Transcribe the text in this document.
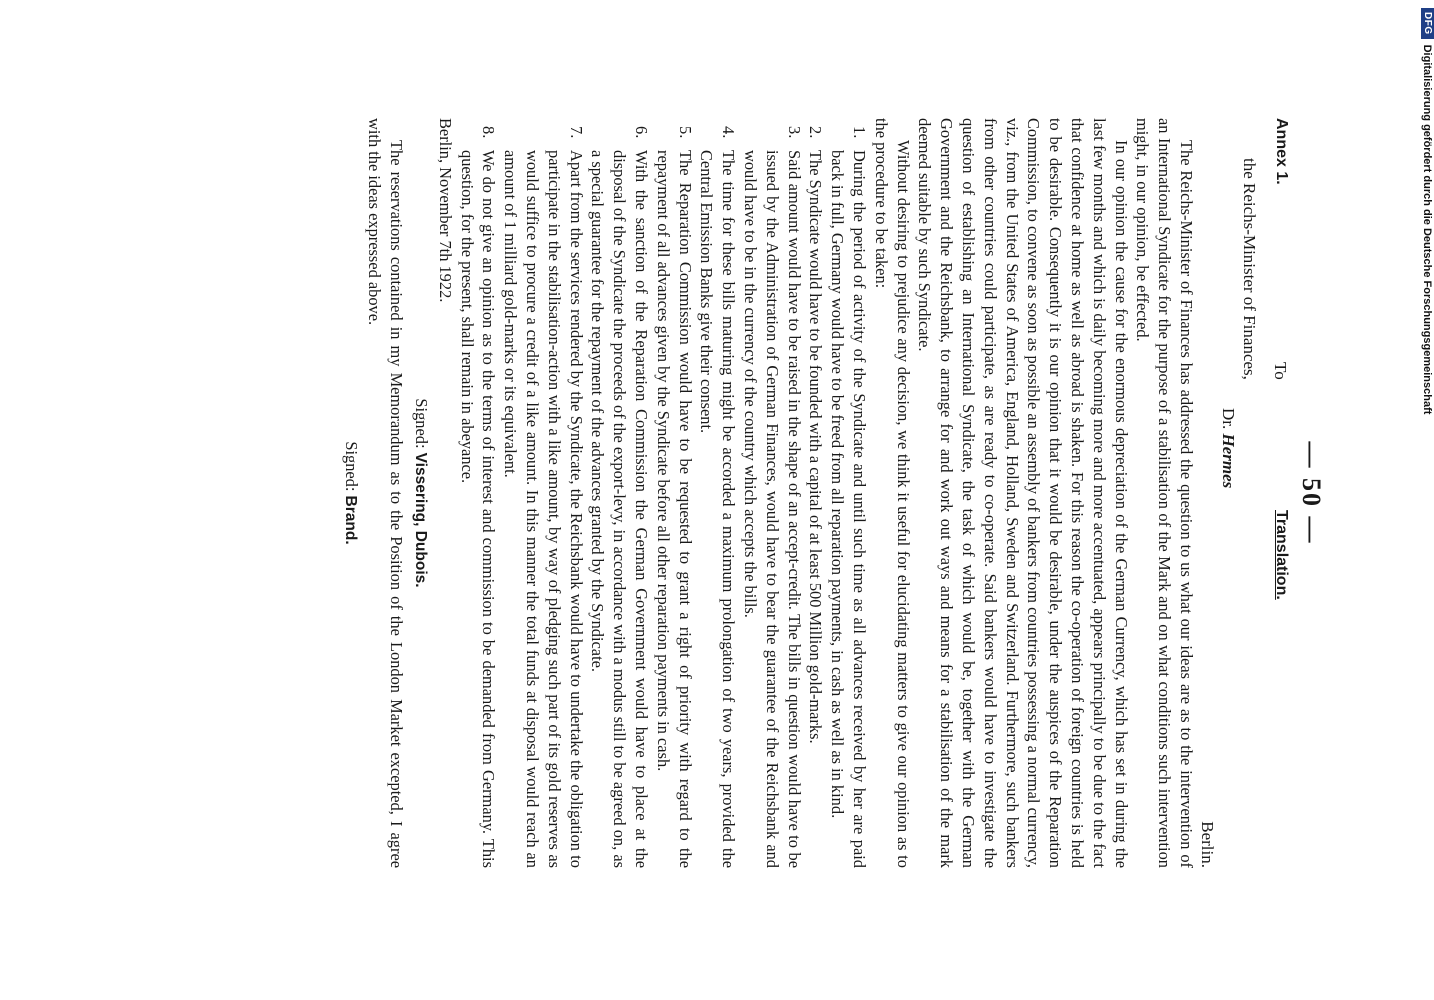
— 50 —
Annex 1.
To
Translation.
the Reichs-Minister of Finances,
Dr. Hermes
Berlin.

The Reichs-Minister of Finances has addressed the question to us what our ideas are as to the intervention of an International Syndicate for the purpose of a stabilisation of the Mark and on what conditions such intervention might, in our opinion, be effected.

In our opinion the cause for the enormous depreciation of the German Currency, which has set in during the last few months and which is daily becoming more and more accentuated, appears principally to be due to the fact that confidence at home as well as abroad is shaken. For this reason the co-operation of foreign countries is held to be desirable. Consequently it is our opinion that it would be desirable, under the auspices of the Reparation Commission, to convene as soon as possible an assembly of bankers from countries possessing a normal currency, viz., from the United States of America, England, Holland, Sweden and Switzerland. Furthermore, such bankers from other countries could participate, as are ready to co-operate. Said bankers would have to investigate the question of establishing an International Syndicate, the task of which would be, together with the German Government and the Reichsbank, to arrange for and work out ways and means for a stabilisation of the mark deemed suitable by such Syndicate.

Without desiring to prejudice any decision, we think it useful for elucidating matters to give our opinion as to the procedure to be taken:

1.
During the period of activity of the Syndicate and until such time as all advances received by her are paid back in full, Germany would have to be freed from all reparation payments, in cash as well as in kind.
2.
The Syndicate would have to be founded with a capital of at least 500 Million gold-marks.
3.
Said amount would have to be raised in the shape of an accept-credit. The bills in question would have to be issued by the Administration of German Finances, would have to bear the guarantee of the Reichsbank and would have to be in the currency of the country which accepts the bills.
4.
The time for these bills maturing might be accorded a maximum prolongation of two years, provided the Central Emission Banks give their consent.
5.
The Reparation Commission would have to be requested to grant a right of priority with regard to the repayment of all advances given by the Syndicate before all other reparation payments in cash.
6.
With the sanction of the Reparation Commission the German Government would have to place at the disposal of the Syndicate the proceeds of the export-levy, in accordance with a modus still to be agreed on, as a special guarantee for the repayment of the advances granted by the Syndicate.
7.
Apart from the services rendered by the Syndicate, the Reichsbank would have to undertake the obligation to participate in the stabilisation-action with a like amount, by way of pledging such part of its gold reserves as would suffice to procure a credit of a like amount. In this manner the total funds at disposal would reach an amount of 1 milliard gold-marks or its equivalent.
8.
We do not give an opinion as to the terms of interest and commission to be demanded from Germany. This question, for the present, shall remain in abeyance.

Berlin, November 7th 1922.

Signed: Vissering, Dubois.

The reservations contained in my Memorandum as to the Position of the London Market excepted, I agree with the ideas expressed above.

Signed: Brand.

DFG
Digitalisierung gefördert durch die Deutsche Forschungsgemeinschaft
